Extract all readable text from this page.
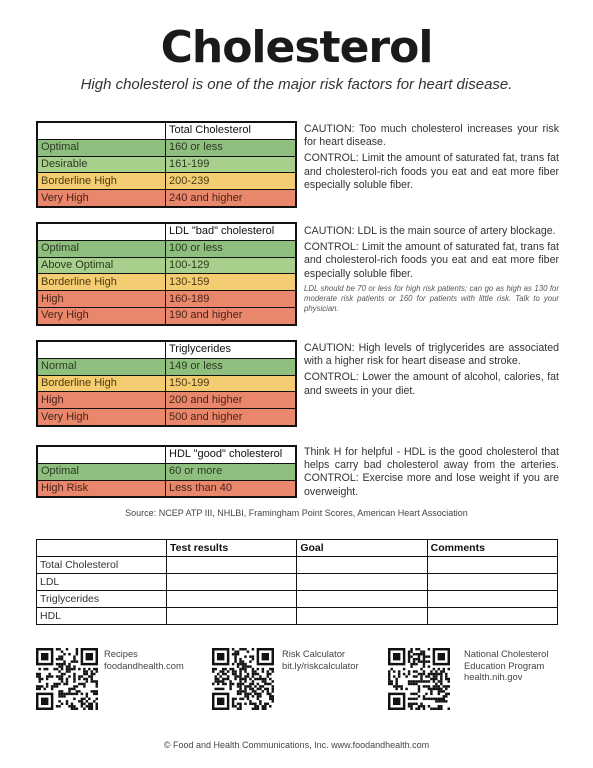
Cholesterol
High cholesterol is one of the major risk factors for heart disease.
	Total Cholesterol
Optimal	160 or less
Desirable	161-199
Borderline High	200-239
Very High	240 and higher

CAUTION: Too much cholesterol increases your risk for heart disease.

CONTROL: Limit the amount of saturated fat, trans fat and cholesterol-rich foods you eat and eat more fiber especially soluble fiber.

	LDL "bad" cholesterol
Optimal	100 or less
Above Optimal	100-129
Borderline High	130-159
High	160-189
Very High	190 and higher

CAUTION: LDL is the main source of artery blockage.

CONTROL: Limit the amount of saturated fat, trans fat and cholesterol-rich foods you eat and eat more fiber especially soluble fiber.

LDL should be 70 or less for high risk patients; can go as high as 130 for moderate risk patients or 160 for patients with little risk. Talk to your physician.

	Triglycerides
Normal	149 or less
Borderline High	150-199
High	200 and higher
Very High	500 and higher

CAUTION: High levels of triglycerides are associated with a higher risk for heart disease and stroke.

CONTROL: Lower the amount of alcohol, calories, fat and sweets in your diet.

	HDL "good" cholesterol
Optimal	60 or more
High Risk	Less than 40

Think H for helpful - HDL is the good cholesterol that helps carry bad cholesterol away from the arteries. CONTROL: Exercise more and lose weight if you are overweight.

Source: NCEP ATP III, NHLBI, Framingham Point Scores, American Heart Association
	Test results	Goal	Comments
Total Cholesterol			
LDL			
Triglycerides			
HDL			
Recipes
foodandhealth.com
Risk Calculator
bit.ly/riskcalculator
National Cholesterol
Education Program
health.nih.gov
© Food and Health Communications, Inc. www.foodandhealth.com
